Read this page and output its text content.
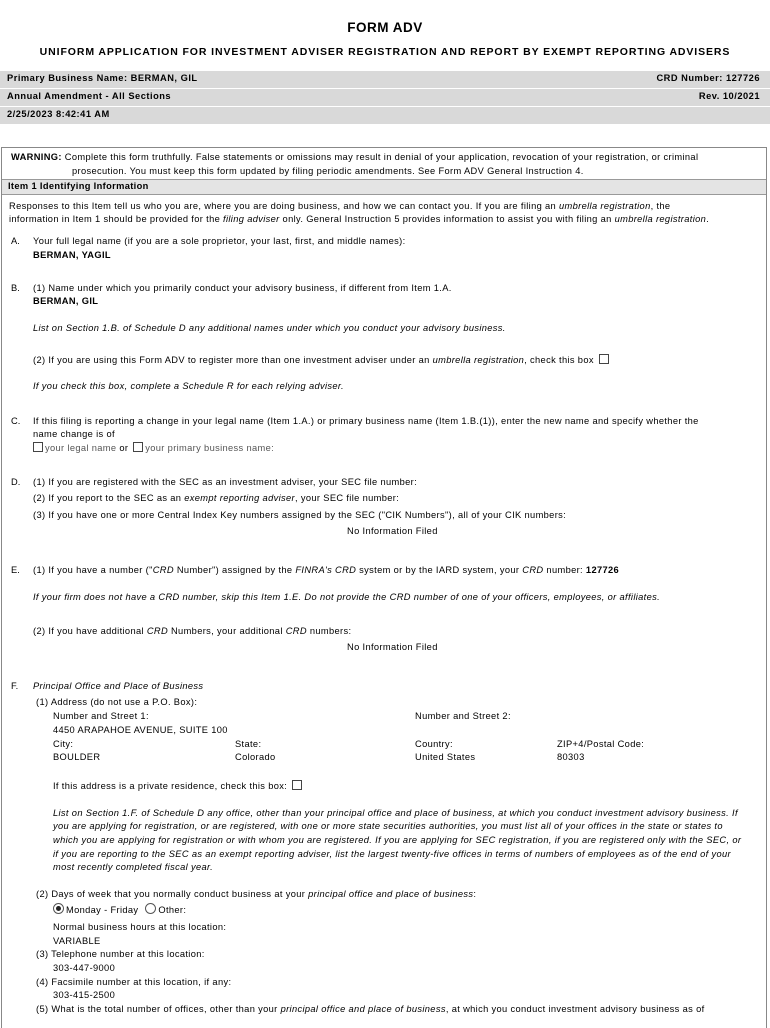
FORM ADV
UNIFORM APPLICATION FOR INVESTMENT ADVISER REGISTRATION AND REPORT BY EXEMPT REPORTING ADVISERS
Primary Business Name: BERMAN, GIL	CRD Number: 127726
Annual Amendment - All Sections	Rev. 10/2021
2/25/2023 8:42:41 AM
WARNING: Complete this form truthfully. False statements or omissions may result in denial of your application, revocation of your registration, or criminal
prosecution. You must keep this form updated by filing periodic amendments. See Form ADV General Instruction 4.
Item 1 Identifying Information
Responses to this Item tell us who you are, where you are doing business, and how we can contact you. If you are filing an umbrella registration, the
information in Item 1 should be provided for the filing adviser only. General Instruction 5 provides information to assist you with filing an umbrella registration.
A. Your full legal name (if you are a sole proprietor, your last, first, and middle names):
BERMAN, YAGIL
B. (1) Name under which you primarily conduct your advisory business, if different from Item 1.A.
BERMAN, GIL
List on Section 1.B. of Schedule D any additional names under which you conduct your advisory business.
(2) If you are using this Form ADV to register more than one investment adviser under an umbrella registration, check this box
If you check this box, complete a Schedule R for each relying adviser.
C. If this filing is reporting a change in your legal name (Item 1.A.) or primary business name (Item 1.B.(1)), enter the new name and specify whether the
name change is of
your legal name or your primary business name:
D. (1) If you are registered with the SEC as an investment adviser, your SEC file number:
(2) If you report to the SEC as an exempt reporting adviser, your SEC file number:
(3) If you have one or more Central Index Key numbers assigned by the SEC ("CIK Numbers"), all of your CIK numbers:
No Information Filed
E. (1) If you have a number ("CRD Number") assigned by the FINRA's CRD system or by the IARD system, your CRD number: 127726
If your firm does not have a CRD number, skip this Item 1.E. Do not provide the CRD number of one of your officers, employees, or affiliates.
(2) If you have additional CRD Numbers, your additional CRD numbers:
No Information Filed
F. Principal Office and Place of Business
(1) Address (do not use a P.O. Box):
Number and Street 1:	Number and Street 2:
4450 ARAPAHOE AVENUE, SUITE 100
City:	State:	Country:	ZIP+4/Postal Code:
BOULDER	Colorado	United States	80303
If this address is a private residence, check this box:
List on Section 1.F. of Schedule D any office, other than your principal office and place of business, at which you conduct investment advisory business. If
you are applying for registration, or are registered, with one or more state securities authorities, you must list all of your offices in the state or states to
which you are applying for registration or with whom you are registered. If you are applying for SEC registration, if you are registered only with the SEC, or
if you are reporting to the SEC as an exempt reporting adviser, list the largest twenty-five offices in terms of numbers of employees as of the end of your
most recently completed fiscal year.
(2) Days of week that you normally conduct business at your principal office and place of business:
Monday - Friday Other:
Normal business hours at this location:
VARIABLE
(3) Telephone number at this location:
303-447-9000
(4) Facsimile number at this location, if any:
303-415-2500
(5) What is the total number of offices, other than your principal office and place of business, at which you conduct investment advisory business as of
